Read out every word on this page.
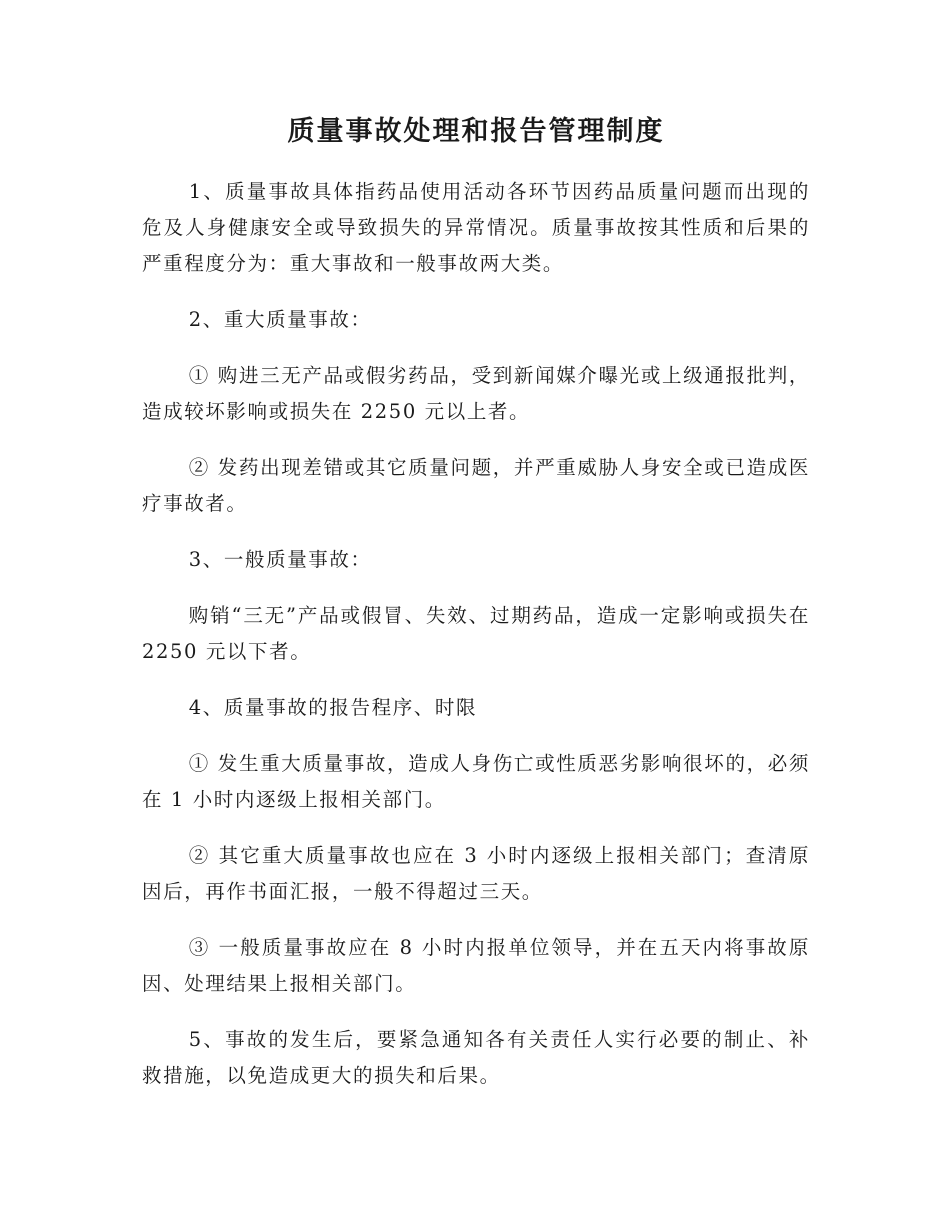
质量事故处理和报告管理制度

1、质量事故具体指药品使用活动各环节因药品质量问题而出现的危及人身健康安全或导致损失的异常情况。质量事故按其性质和后果的严重程度分为：重大事故和一般事故两大类。

2、重大质量事故：

① 购进三无产品或假劣药品，受到新闻媒介曝光或上级通报批判，造成较坏影响或损失在 2250 元以上者。

② 发药出现差错或其它质量问题，并严重威胁人身安全或已造成医疗事故者。

3、一般质量事故：

购销“三无”产品或假冒、失效、过期药品，造成一定影响或损失在 2250 元以下者。

4、质量事故的报告程序、时限

① 发生重大质量事故，造成人身伤亡或性质恶劣影响很坏的，必须在 1 小时内逐级上报相关部门。

② 其它重大质量事故也应在 3 小时内逐级上报相关部门；查清原因后，再作书面汇报，一般不得超过三天。

③ 一般质量事故应在 8 小时内报单位领导，并在五天内将事故原因、处理结果上报相关部门。

5、事故的发生后，要紧急通知各有关责任人实行必要的制止、补救措施，以免造成更大的损失和后果。
